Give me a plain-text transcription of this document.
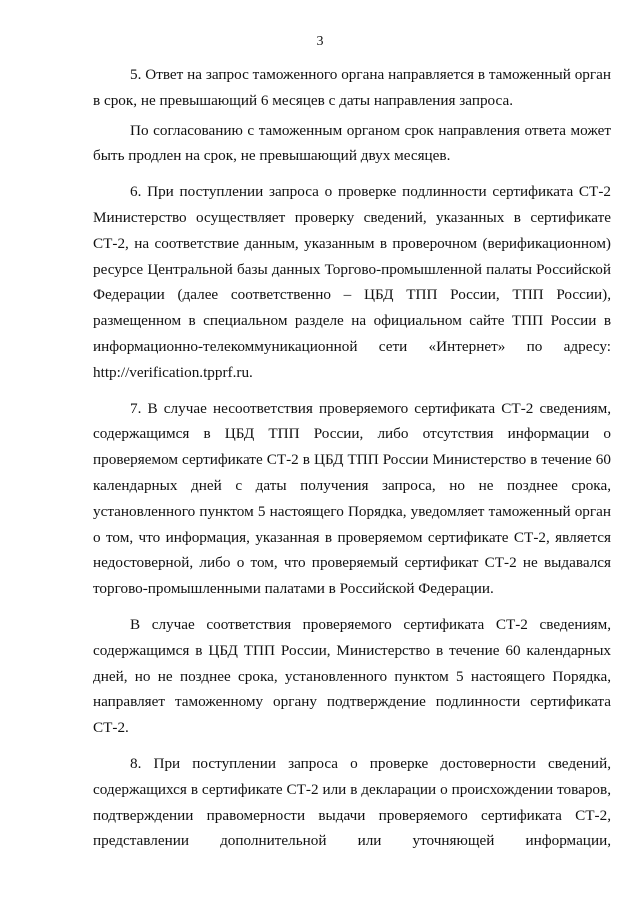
3

5. Ответ на запрос таможенного органа направляется в таможенный орган в срок, не превышающий 6 месяцев с даты направления запроса.

По согласованию с таможенным органом срок направления ответа может быть продлен на срок, не превышающий двух месяцев.

6. При поступлении запроса о проверке подлинности сертификата СТ-2 Министерство осуществляет проверку сведений, указанных в сертификате СТ-2, на соответствие данным, указанным в проверочном (верификационном) ресурсе Центральной базы данных Торгово-промышленной палаты Российской Федерации (далее соответственно – ЦБД ТПП России, ТПП России), размещенном в специальном разделе на официальном сайте ТПП России в информационно-телекоммуникационной сети «Интернет» по адресу: http://verification.tpprf.ru.

7. В случае несоответствия проверяемого сертификата СТ-2 сведениям, содержащимся в ЦБД ТПП России, либо отсутствия информации о проверяемом сертификате СТ-2 в ЦБД ТПП России Министерство в течение 60 календарных дней с даты получения запроса, но не позднее срока, установленного пунктом 5 настоящего Порядка, уведомляет таможенный орган о том, что информация, указанная в проверяемом сертификате СТ-2, является недостоверной, либо о том, что проверяемый сертификат СТ-2 не выдавался торгово-промышленными палатами в Российской Федерации.

В случае соответствия проверяемого сертификата СТ-2 сведениям, содержащимся в ЦБД ТПП России, Министерство в течение 60 календарных дней, но не позднее срока, установленного пунктом 5 настоящего Порядка, направляет таможенному органу подтверждение подлинности сертификата СТ-2.

8. При поступлении запроса о проверке достоверности сведений, содержащихся в сертификате СТ-2 или в декларации о происхождении товаров, подтверждении правомерности выдачи проверяемого сертификата СТ-2, представлении дополнительной или уточняющей информации,
